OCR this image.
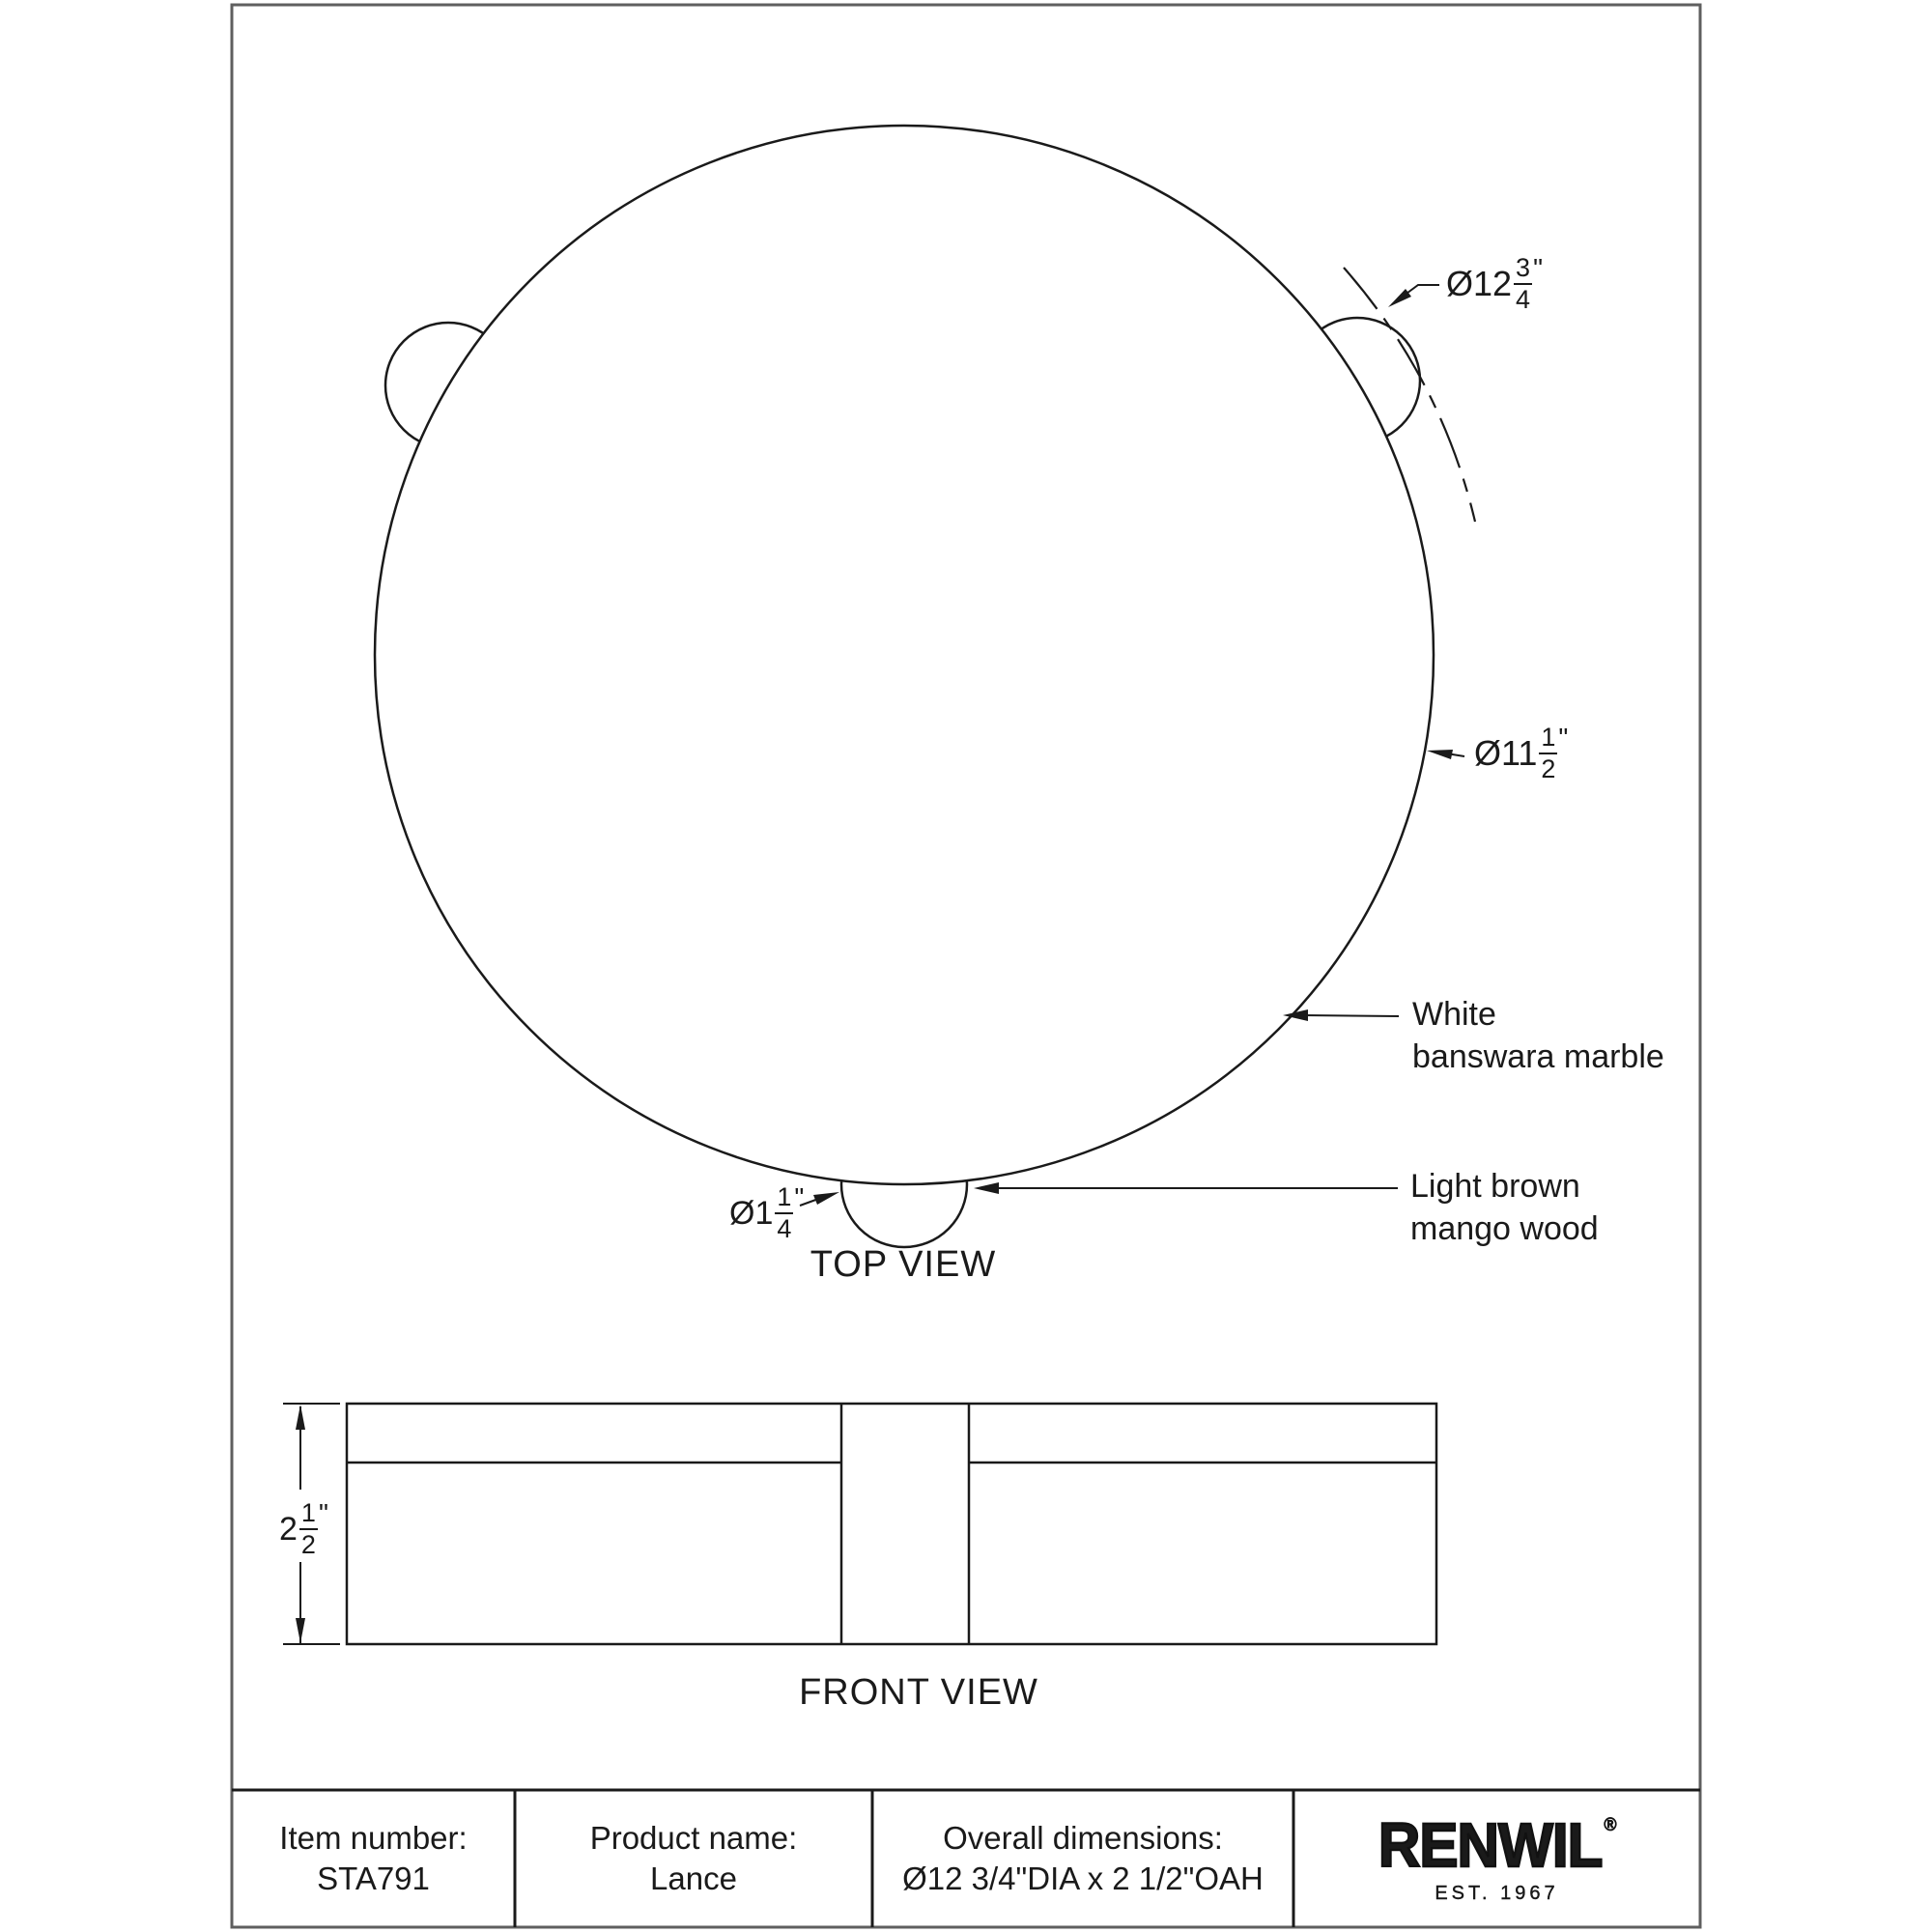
Ø12 $\frac{3}{4}$ "
Ø11 $\frac{1}{2}$ "
Ø1 $\frac{1}{4}$ "
White
banswara marble
Light brown
mango wood
TOP VIEW
$2 \frac{1}{2}$ "
FRONT VIEW
Item number:
STA791
Product name:
Lance
Overall dimensions:
Ø12 3/4"DIA x 2 1/2"OAH RENWIL ®
EST. 1967
